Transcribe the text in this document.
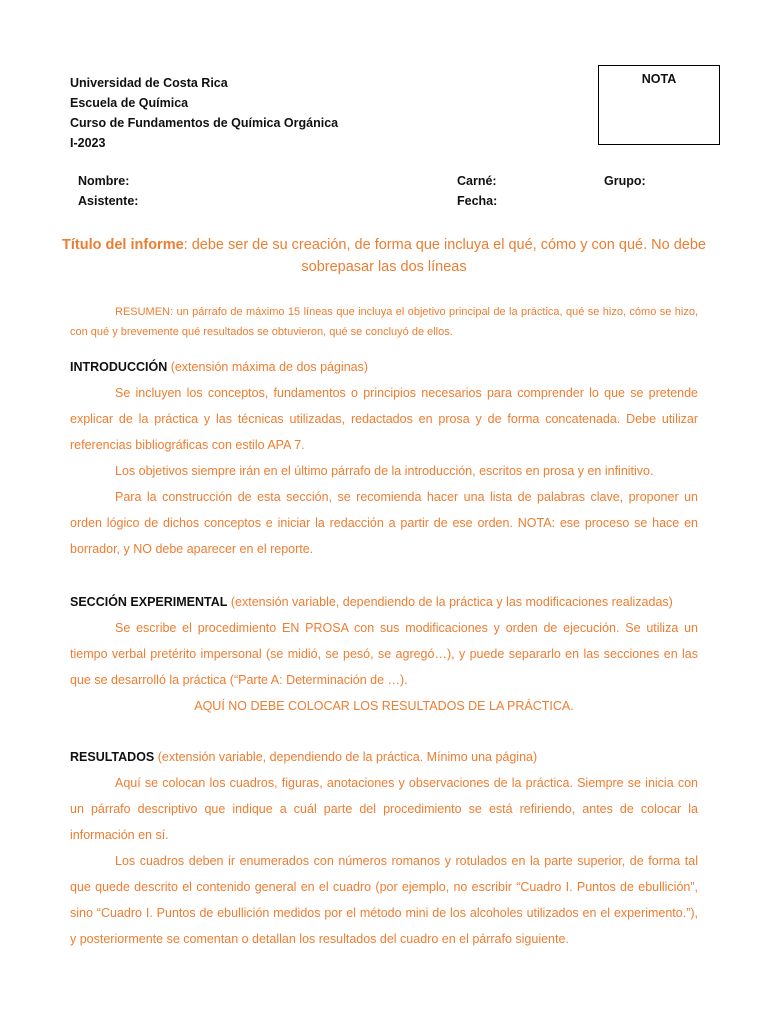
Universidad de Costa Rica
Escuela de Química
Curso de Fundamentos de Química Orgánica
I-2023
NOTA
Nombre:
Asistente:
Carné:
Fecha:
Grupo:
Título del informe: debe ser de su creación, de forma que incluya el qué, cómo y con qué. No debe sobrepasar las dos líneas

RESUMEN: un párrafo de máximo 15 líneas que incluya el objetivo principal de la práctica, qué se hizo, cómo se hizo, con qué y brevemente qué resultados se obtuvieron, qué se concluyó de ellos.

INTRODUCCIÓN (extensión máxima de dos páginas)

Se incluyen los conceptos, fundamentos o principios necesarios para comprender lo que se pretende explicar de la práctica y las técnicas utilizadas, redactados en prosa y de forma concatenada. Debe utilizar referencias bibliográficas con estilo APA 7.

Los objetivos siempre irán en el último párrafo de la introducción, escritos en prosa y en infinitivo.

Para la construcción de esta sección, se recomienda hacer una lista de palabras clave, proponer un orden lógico de dichos conceptos e iniciar la redacción a partir de ese orden. NOTA: ese proceso se hace en borrador, y NO debe aparecer en el reporte.

SECCIÓN EXPERIMENTAL (extensión variable, dependiendo de la práctica y las modificaciones realizadas)

Se escribe el procedimiento EN PROSA con sus modificaciones y orden de ejecución. Se utiliza un tiempo verbal pretérito impersonal (se midió, se pesó, se agregó…), y puede separarlo en las secciones en las que se desarrolló la práctica (“Parte A: Determinación de …).

AQUÍ NO DEBE COLOCAR LOS RESULTADOS DE LA PRÁCTICA.

RESULTADOS (extensión variable, dependiendo de la práctica. Mínimo una página)

Aquí se colocan los cuadros, figuras, anotaciones y observaciones de la práctica. Siempre se inicia con un párrafo descriptivo que indique a cuál parte del procedimiento se está refiriendo, antes de colocar la información en sí.

Los cuadros deben ir enumerados con números romanos y rotulados en la parte superior, de forma tal que quede descrito el contenido general en el cuadro (por ejemplo, no escribir “Cuadro I. Puntos de ebullición”, sino “Cuadro I. Puntos de ebullición medidos por el método mini de los alcoholes utilizados en el experimento.”), y posteriormente se comentan o detallan los resultados del cuadro en el párrafo siguiente.
